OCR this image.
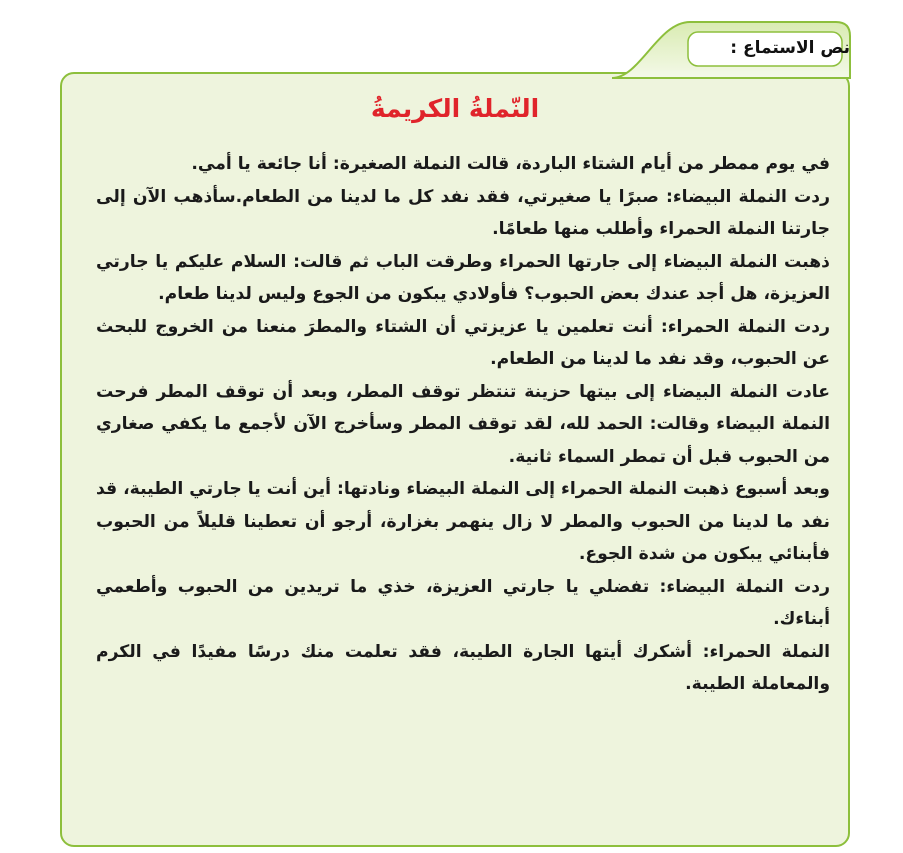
نص الاستماع :
النّملةُ الكريمةُ

في يوم ممطر من أيام الشتاء الباردة، قالت النملة الصغيرة: أنا جائعة يا أمي.

ردت النملة البيضاء: صبرًا يا صغيرتي، فقد نفد كل ما لدينا من الطعام.سأذهب الآن إلى جارتنا النملة الحمراء وأطلب منها طعامًا.

ذهبت النملة البيضاء إلى جارتها الحمراء وطرقت الباب ثم قالت: السلام عليكم يا جارتي العزيزة، هل أجد عندك بعض الحبوب؟ فأولادي يبكون من الجوع وليس لدينا طعام.

ردت النملة الحمراء: أنت تعلمين يا عزيزتي أن الشتاء والمطرَ منعنا من الخروج للبحث عن الحبوب، وقد نفد ما لدينا من الطعام.

عادت النملة البيضاء إلى بيتها حزينة تنتظر توقف المطر، وبعد أن توقف المطر فرحت النملة البيضاء وقالت: الحمد لله، لقد توقف المطر وسأخرج الآن لأجمع ما يكفي صغاري من الحبوب قبل أن تمطر السماء ثانية.

وبعد أسبوع ذهبت النملة الحمراء إلى النملة البيضاء ونادتها: أين أنت يا جارتي الطيبة، قد نفد ما لدينا من الحبوب والمطر لا زال ينهمر بغزارة، أرجو أن تعطينا قليلاً من الحبوب فأبنائي يبكون من شدة الجوع.

ردت النملة البيضاء: تفضلي يا جارتي العزيزة، خذي ما تريدين من الحبوب وأطعمي أبناءك.

النملة الحمراء: أشكرك أيتها الجارة الطيبة، فقد تعلمت منك درسًا مفيدًا في الكرم والمعاملة الطيبة.
